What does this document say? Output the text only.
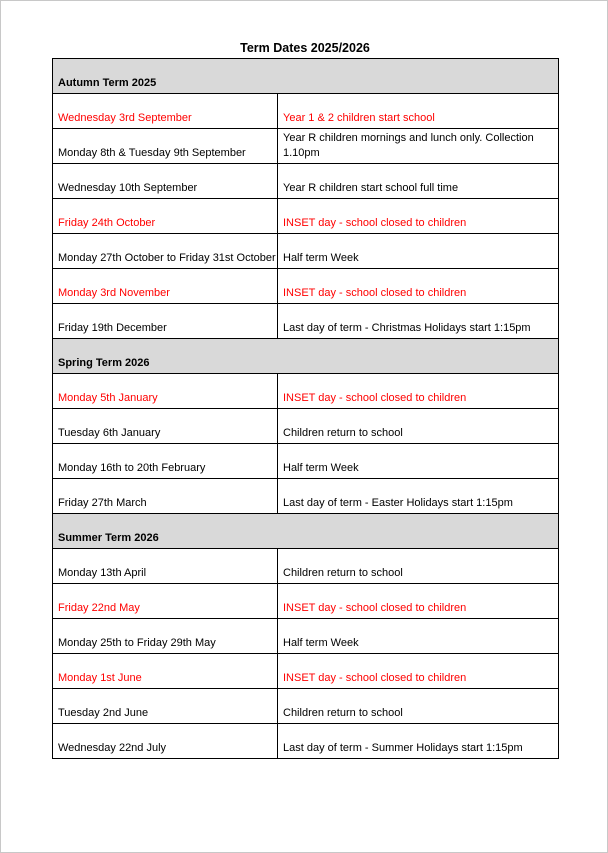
Term Dates 2025/2026
Autumn Term 2025	

Wednesday 3rd September	Year 1 & 2 children start school

Monday 8th & Tuesday 9th September	Year R children mornings and lunch only. Collection 1.10pm

Wednesday 10th September	Year R children start school full time

Friday 24th October	INSET day - school closed to children

Monday 27th October to Friday 31st October	Half term Week

Monday 3rd November	INSET day - school closed to children

Friday 19th December	Last day of term - Christmas Holidays start 1:15pm

Spring Term 2026	

Monday 5th January	INSET day - school closed to children

Tuesday 6th January	Children return to school

Monday 16th to 20th February	Half term Week

Friday 27th March	Last day of term - Easter Holidays start 1:15pm

Summer Term 2026	

Monday 13th April	Children return to school

Friday 22nd May	INSET day - school closed to children

Monday 25th to Friday 29th May	Half term Week

Monday 1st June	INSET day - school closed to children

Tuesday 2nd June	Children return to school

Wednesday 22nd July	Last day of term - Summer Holidays start 1:15pm
